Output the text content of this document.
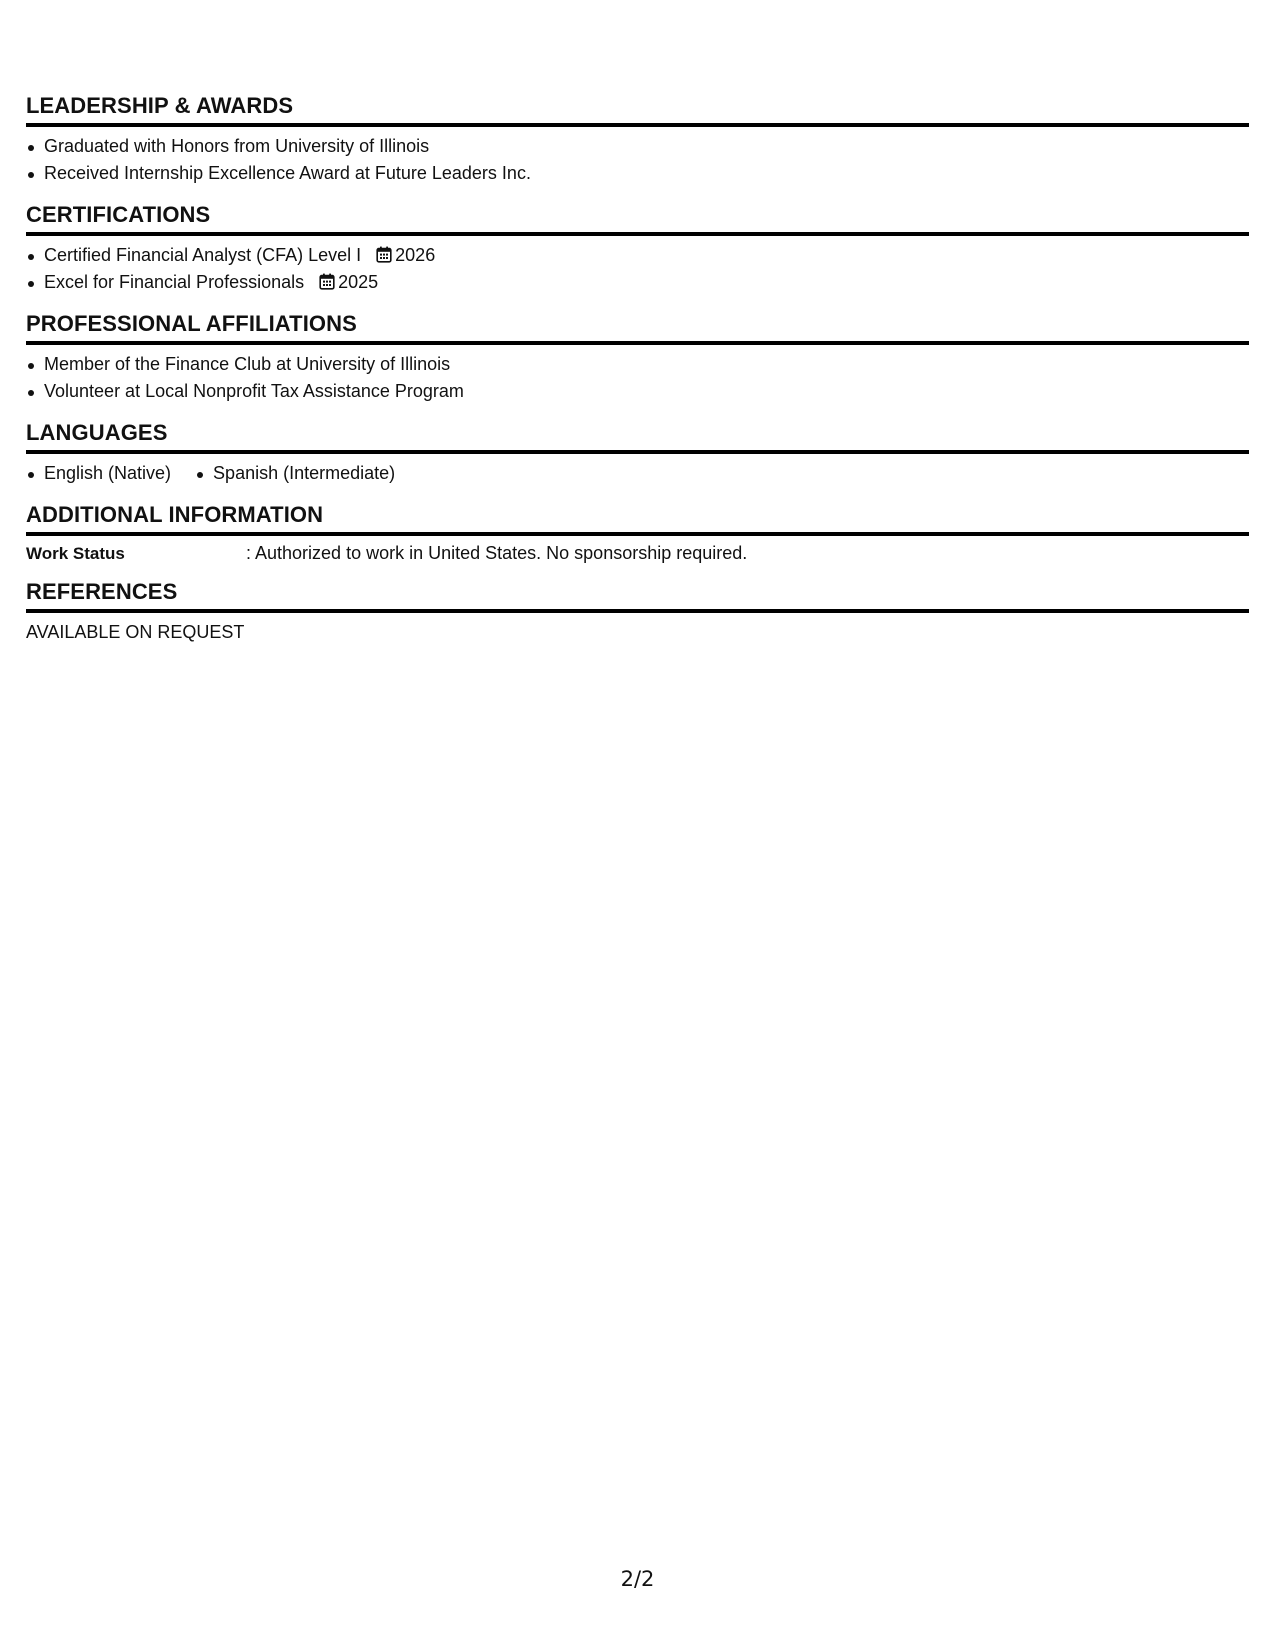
LEADERSHIP & AWARDS
Graduated with Honors from University of Illinois
Received Internship Excellence Award at Future Leaders Inc.
CERTIFICATIONS
Certified Financial Analyst (CFA) Level I 2026
Excel for Financial Professionals 2025
PROFESSIONAL AFFILIATIONS
Member of the Finance Club at University of Illinois
Volunteer at Local Nonprofit Tax Assistance Program
LANGUAGES
English (Native)	Spanish (Intermediate)
ADDITIONAL INFORMATION
Work Status	: Authorized to work in United States. No sponsorship required.
REFERENCES
AVAILABLE ON REQUEST
2/2
